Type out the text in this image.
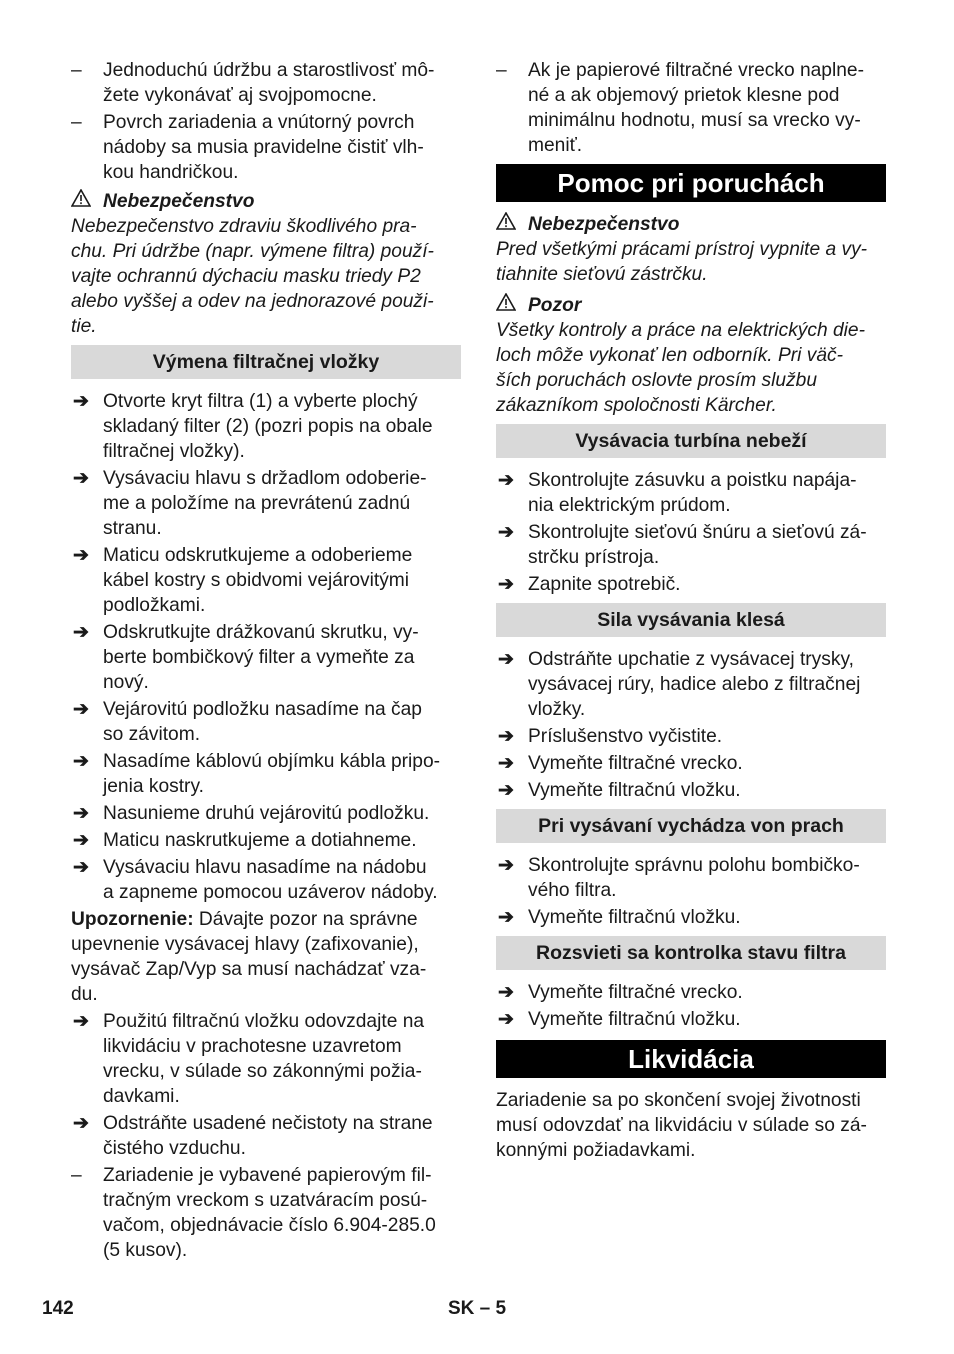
–	Jednoduchú údržbu a starostlivosť mô-
žete vykonávať aj svojpomocne.
–	Povrch zariadenia a vnútorný povrch
nádoby sa musia pravidelne čistiť vlh-
kou handričkou.
Nebezpečenstvo
Nebezpečenstvo zdraviu škodlivého pra-
chu. Pri údržbe (napr. výmene filtra) použí-
vajte ochrannú dýchaciu masku triedy P2
alebo vyššej a odev na jednorazové použi-
tie.
Výmena filtračnej vložky
➔ Otvorte kryt filtra (1) a vyberte plochý
skladaný filter (2) (pozri popis na obale
filtračnej vložky).
➔ Vysávaciu hlavu s držadlom odoberie-
me a položíme na prevrátenú zadnú
stranu.
➔ Maticu odskrutkujeme a odoberieme
kábel kostry s obidvomi vejárovitými
podložkami.
➔ Odskrutkujte drážkovanú skrutku, vy-
berte bombičkový filter a vymeňte za
nový.
➔ Vejárovitú podložku nasadíme na čap
so závitom.
➔ Nasadíme káblovú objímku kábla pripo-
jenia kostry.
➔ Nasunieme druhú vejárovitú podložku.
➔ Maticu naskrutkujeme a dotiahneme.
➔ Vysávaciu hlavu nasadíme na nádobu
a zapneme pomocou uzáverov nádoby.
Upozornenie: Dávajte pozor na správne
upevnenie vysávacej hlavy (zafixovanie),
vysávač Zap/Vyp sa musí nachádzať vza-
du.
➔ Použitú filtračnú vložku odovzdajte na
likvidáciu v prachotesne uzavretom
vrecku, v súlade so zákonnými požia-
davkami.
➔ Odstráňte usadené nečistoty na strane
čistého vzduchu.
–	Zariadenie je vybavené papierovým fil-
tračným vreckom s uzatváracím posú-
vačom, objednávacie číslo 6.904-285.0
(5 kusov).
–	Ak je papierové filtračné vrecko naplne-
né a ak objemový prietok klesne pod
minimálnu hodnotu, musí sa vrecko vy-
meniť.
Pomoc pri poruchách
Nebezpečenstvo
Pred všetkými prácami prístroj vypnite a vy-
tiahnite sieťovú zástrčku.
Pozor
Všetky kontroly a práce na elektrických die-
loch môže vykonať len odborník. Pri väč-
ších poruchách oslovte prosím službu
zákazníkom spoločnosti Kärcher.
Vysávacia turbína nebeží
➔ Skontrolujte zásuvku a poistku napája-
nia elektrickým prúdom.
➔ Skontrolujte sieťovú šnúru a sieťovú zá-
strčku prístroja.
➔ Zapnite spotrebič.
Sila vysávania klesá
➔ Odstráňte upchatie z vysávacej trysky,
vysávacej rúry, hadice alebo z filtračnej
vložky.
➔ Príslušenstvo vyčistite.
➔ Vymeňte filtračné vrecko.
➔ Vymeňte filtračnú vložku.
Pri vysávaní vychádza von prach
➔ Skontrolujte správnu polohu bombičko-
vého filtra.
➔ Vymeňte filtračnú vložku.
Rozsvieti sa kontrolka stavu filtra
➔ Vymeňte filtračné vrecko.
➔ Vymeňte filtračnú vložku.
Likvidácia
Zariadenie sa po skončení svojej životnosti
musí odovzdať na likvidáciu v súlade so zá-
konnými požiadavkami.
142	SK – 5
